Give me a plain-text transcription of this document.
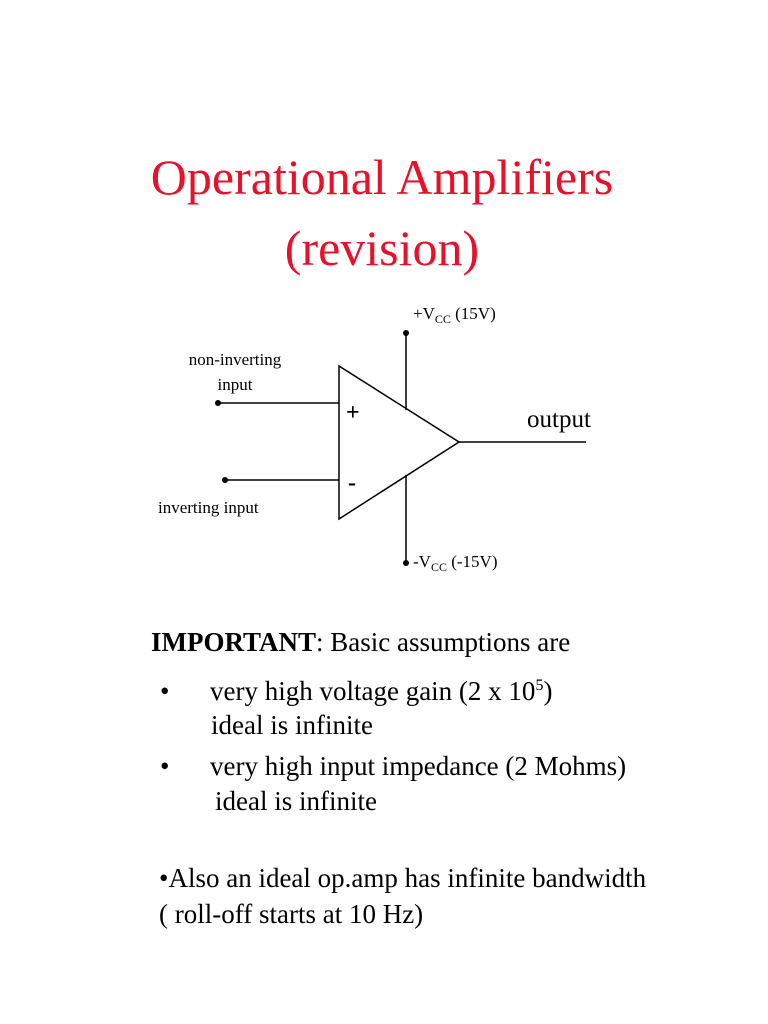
Operational Amplifiers
(revision)
$+V_{CC}$ (15V)
$-V_{CC}$ (-15V)
non-inverting
input
inverting input
+
-
output
IMPORTANT: Basic assumptions are
• very high voltage gain (2 x $10^5$)
ideal is infinite
• very high input impedance (2 Mohms)
ideal is infinite
•Also an ideal op.amp has infinite bandwidth
( roll-off starts at 10 Hz)
